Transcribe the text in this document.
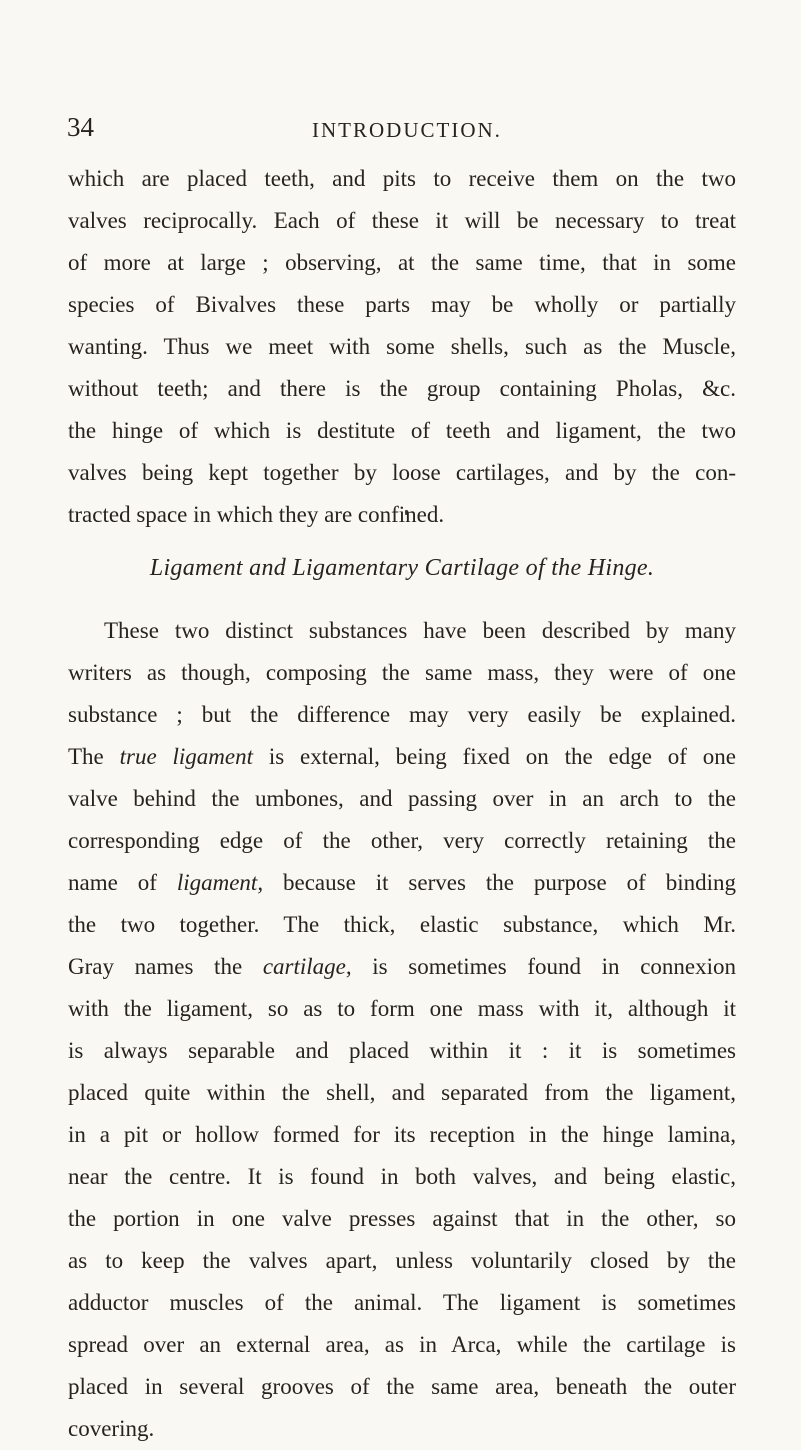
34	INTRODUCTION.
which are placed teeth, and pits to receive them on the two
valves reciprocally. Each of these it will be necessary to treat
of more at large ; observing, at the same time, that in some
species of Bivalves these parts may be wholly or partially
wanting. Thus we meet with some shells, such as the Muscle,
without teeth; and there is the group containing Pholas, &c.
the hinge of which is destitute of teeth and ligament, the two
valves being kept together by loose cartilages, and by the con-
tracted space in which they are confined.
Ligament and Ligamentary Cartilage of the Hinge.
These two distinct substances have been described by many
writers as though, composing the same mass, they were of one
substance ; but the difference may very easily be explained.
The true ligament is external, being fixed on the edge of one
valve behind the umbones, and passing over in an arch to the
corresponding edge of the other, very correctly retaining the
name of ligament, because it serves the purpose of binding
the two together. The thick, elastic substance, which Mr.
Gray names the cartilage, is sometimes found in connexion
with the ligament, so as to form one mass with it, although it
is always separable and placed within it : it is sometimes
placed quite within the shell, and separated from the ligament,
in a pit or hollow formed for its reception in the hinge lamina,
near the centre. It is found in both valves, and being elastic,
the portion in one valve presses against that in the other, so
as to keep the valves apart, unless voluntarily closed by the
adductor muscles of the animal. The ligament is sometimes
spread over an external area, as in Arca, while the cartilage is
placed in several grooves of the same area, beneath the outer
covering.
